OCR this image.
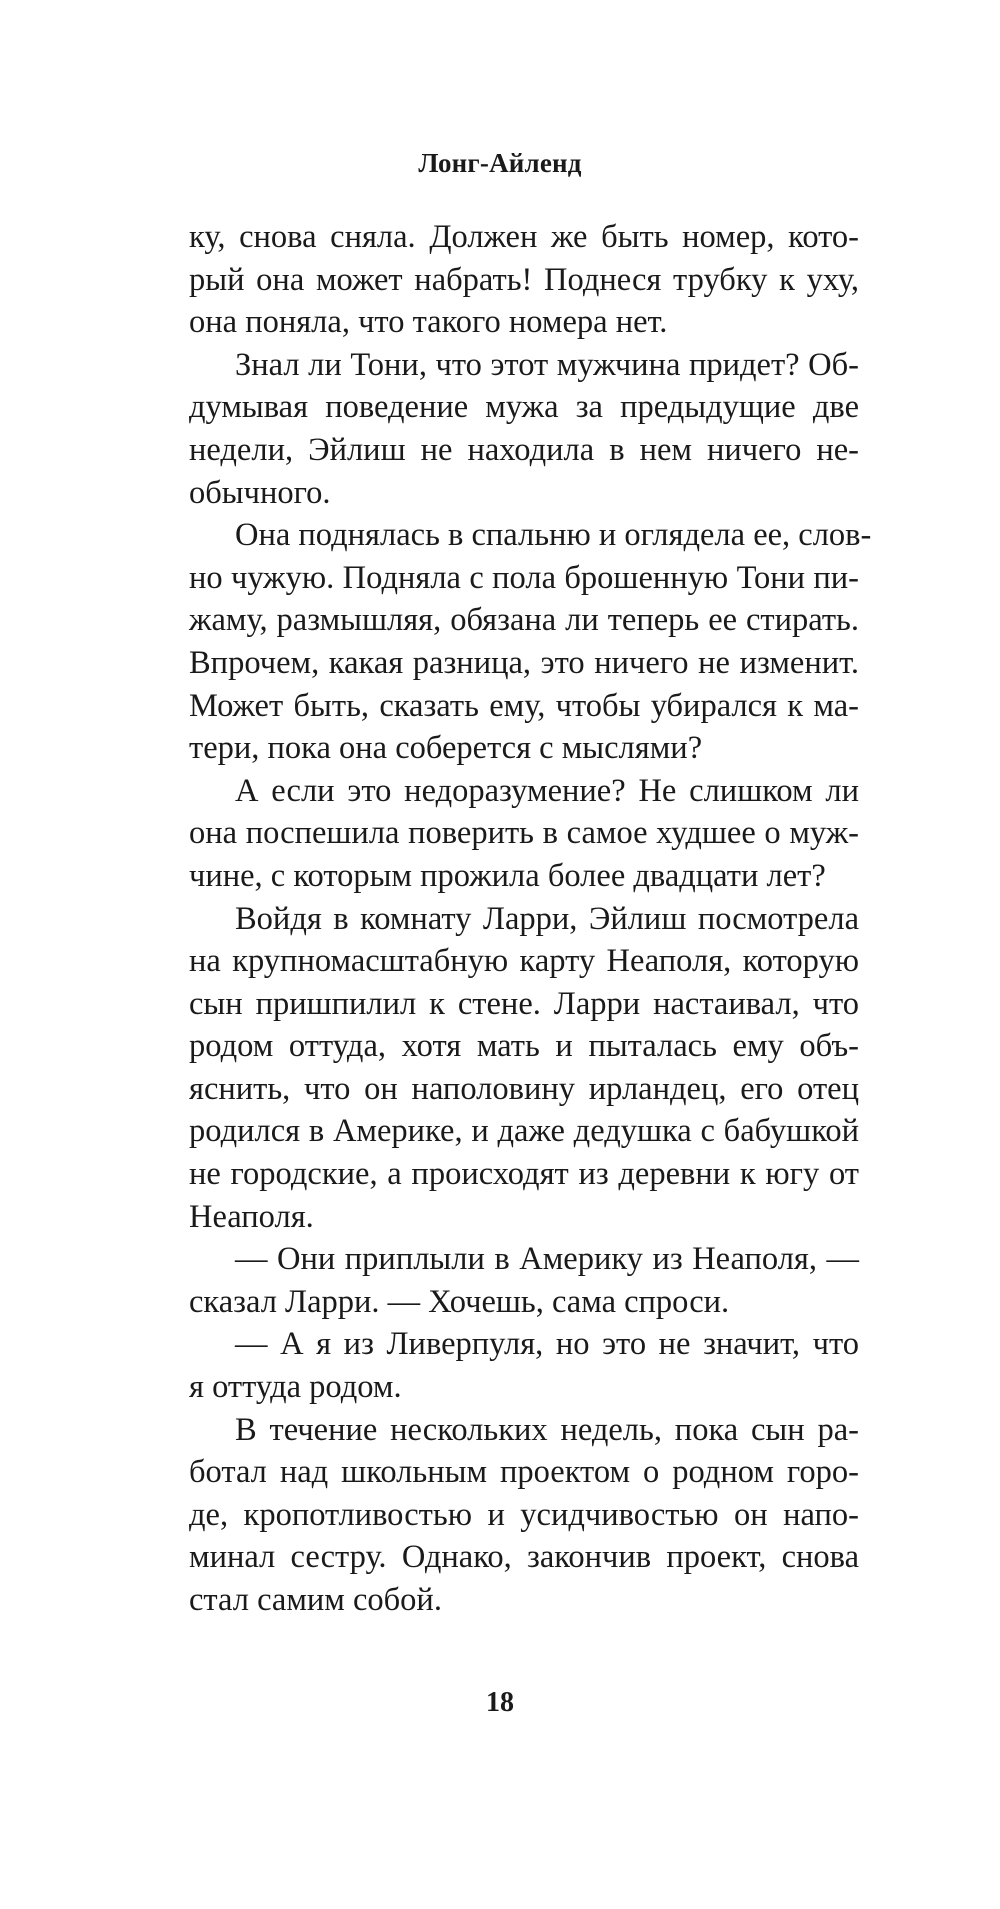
Лонг-Айленд
ку, снова сняла. Должен же быть номер, кото-
рый она может набрать! Поднеся трубку к уху,
она поняла, что такого номера нет.
Знал ли Тони, что этот мужчина придет? Об-
думывая поведение мужа за предыдущие две
недели, Эйлиш не находила в нем ничего не-
обычного.
Она поднялась в спальню и оглядела ее, слов-
но чужую. Подняла с пола брошенную Тони пи-
жаму, размышляя, обязана ли теперь ее стирать.
Впрочем, какая разница, это ничего не изменит.
Может быть, сказать ему, чтобы убирался к ма-
тери, пока она соберется с мыслями?
А если это недоразумение? Не слишком ли
она поспешила поверить в самое худшее о муж-
чине, с которым прожила более двадцати лет?
Войдя в комнату Ларри, Эйлиш посмотрела
на крупномасштабную карту Неаполя, которую
сын пришпилил к стене. Ларри настаивал, что
родом оттуда, хотя мать и пыталась ему объ-
яснить, что он наполовину ирландец, его отец
родился в Америке, и даже дедушка с бабушкой
не городские, а происходят из деревни к югу от
Неаполя.
— Они приплыли в Америку из Неаполя, —
сказал Ларри. — Хочешь, сама спроси.
— А я из Ливерпуля, но это не значит, что
я оттуда родом.
В течение нескольких недель, пока сын ра-
ботал над школьным проектом о родном горо-
де, кропотливостью и усидчивостью он напо-
минал сестру. Однако, закончив проект, снова
стал самим собой.
18
